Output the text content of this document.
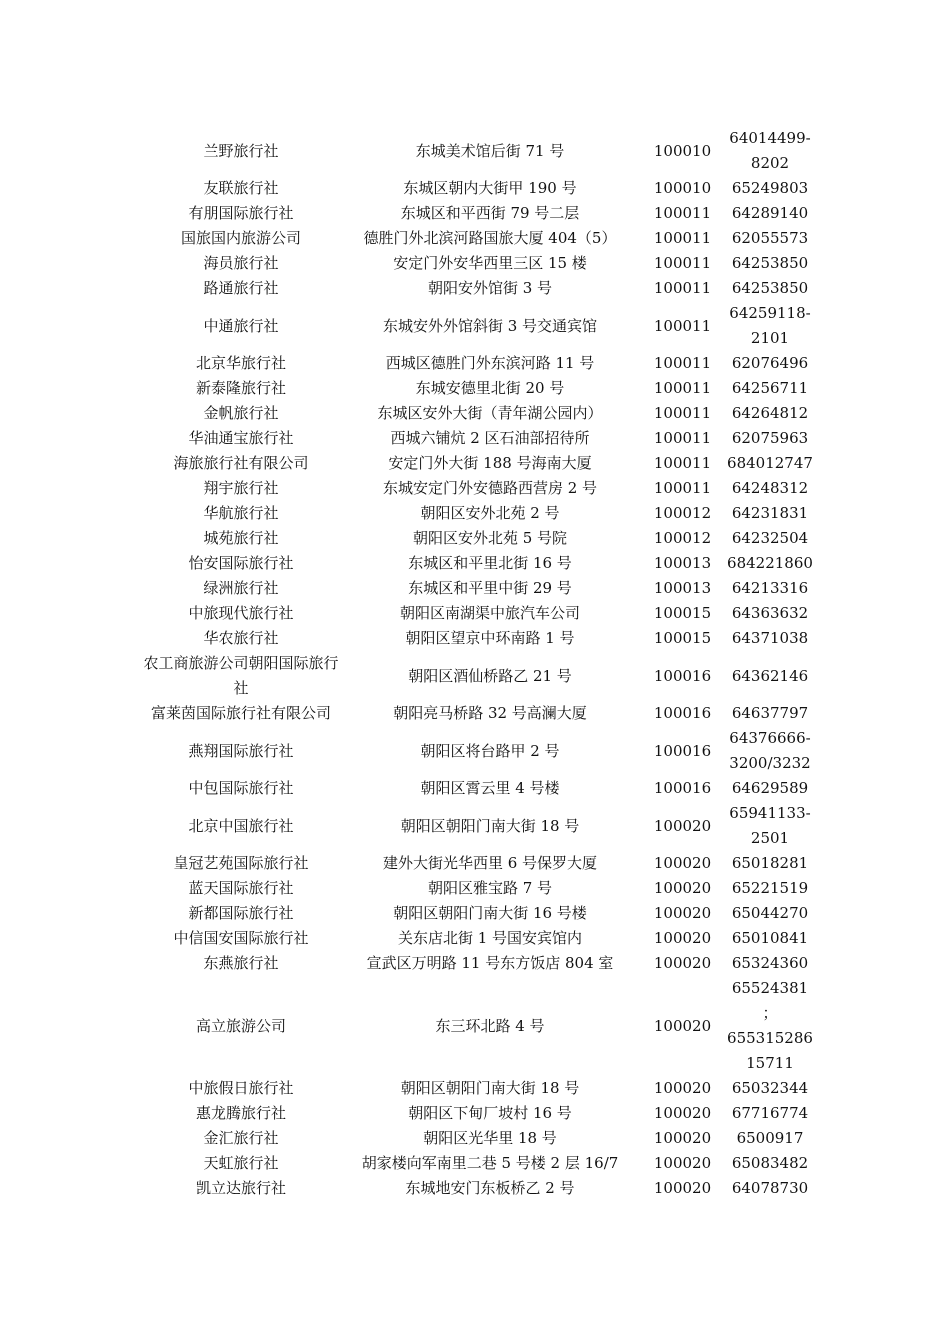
兰野旅行社	东城美术馆后街 71 号	100010	64014499-
8202

友联旅行社	东城区朝内大街甲 190 号	100010	65249803

有朋国际旅行社	东城区和平西街 79 号二层	100011	64289140

国旅国内旅游公司	德胜门外北滨河路国旅大厦 404（5）	100011	62055573

海员旅行社	安定门外安华西里三区 15 楼	100011	64253850

路通旅行社	朝阳安外馆街 3 号	100011	64253850

中通旅行社	东城安外外馆斜街 3 号交通宾馆	100011	64259118-
2101

北京华旅行社	西城区德胜门外东滨河路 11 号	100011	62076496

新泰隆旅行社	东城安德里北街 20 号	100011	64256711

金帆旅行社	东城区安外大街（青年湖公园内）	100011	64264812

华油通宝旅行社	西城六铺炕 2 区石油部招待所	100011	62075963

海旅旅行社有限公司	安定门外大街 188 号海南大厦	100011	684012747

翔宇旅行社	东城安定门外安德路西营房 2 号	100011	64248312

华航旅行社	朝阳区安外北苑 2 号	100012	64231831

城苑旅行社	朝阳区安外北苑 5 号院	100012	64232504

怡安国际旅行社	东城区和平里北街 16 号	100013	684221860

绿洲旅行社	东城区和平里中街 29 号	100013	64213316

中旅现代旅行社	朝阳区南湖渠中旅汽车公司	100015	64363632

华农旅行社	朝阳区望京中环南路 1 号	100015	64371038

农工商旅游公司朝阳国际旅行社	朝阳区酒仙桥路乙 21 号	100016	64362146

富莱茵国际旅行社有限公司	朝阳亮马桥路 32 号高澜大厦	100016	64637797

燕翔国际旅行社	朝阳区将台路甲 2 号	100016	64376666-
3200/3232

中包国际旅行社	朝阳区霄云里 4 号楼	100016	64629589

北京中国旅行社	朝阳区朝阳门南大街 18 号	100020	65941133-
2501

皇冠艺苑国际旅行社	建外大街光华西里 6 号保罗大厦	100020	65018281

蓝天国际旅行社	朝阳区雅宝路 7 号	100020	65221519

新都国际旅行社	朝阳区朝阳门南大街 16 号楼	100020	65044270

中信国安国际旅行社	关东店北街 1 号国安宾馆内	100020	65010841

东燕旅行社	宣武区万明路 11 号东方饭店 804 室	100020	65324360

高立旅游公司	东三环北路 4 号	100020	65524381
；
655315286
15711

中旅假日旅行社	朝阳区朝阳门南大街 18 号	100020	65032344

惠龙腾旅行社	朝阳区下甸厂坡村 16 号	100020	67716774

金汇旅行社	朝阳区光华里 18 号	100020	6500917

天虹旅行社	胡家楼向军南里二巷 5 号楼 2 层 16/7	100020	65083482

凯立达旅行社	东城地安门东板桥乙 2 号	100020	64078730
